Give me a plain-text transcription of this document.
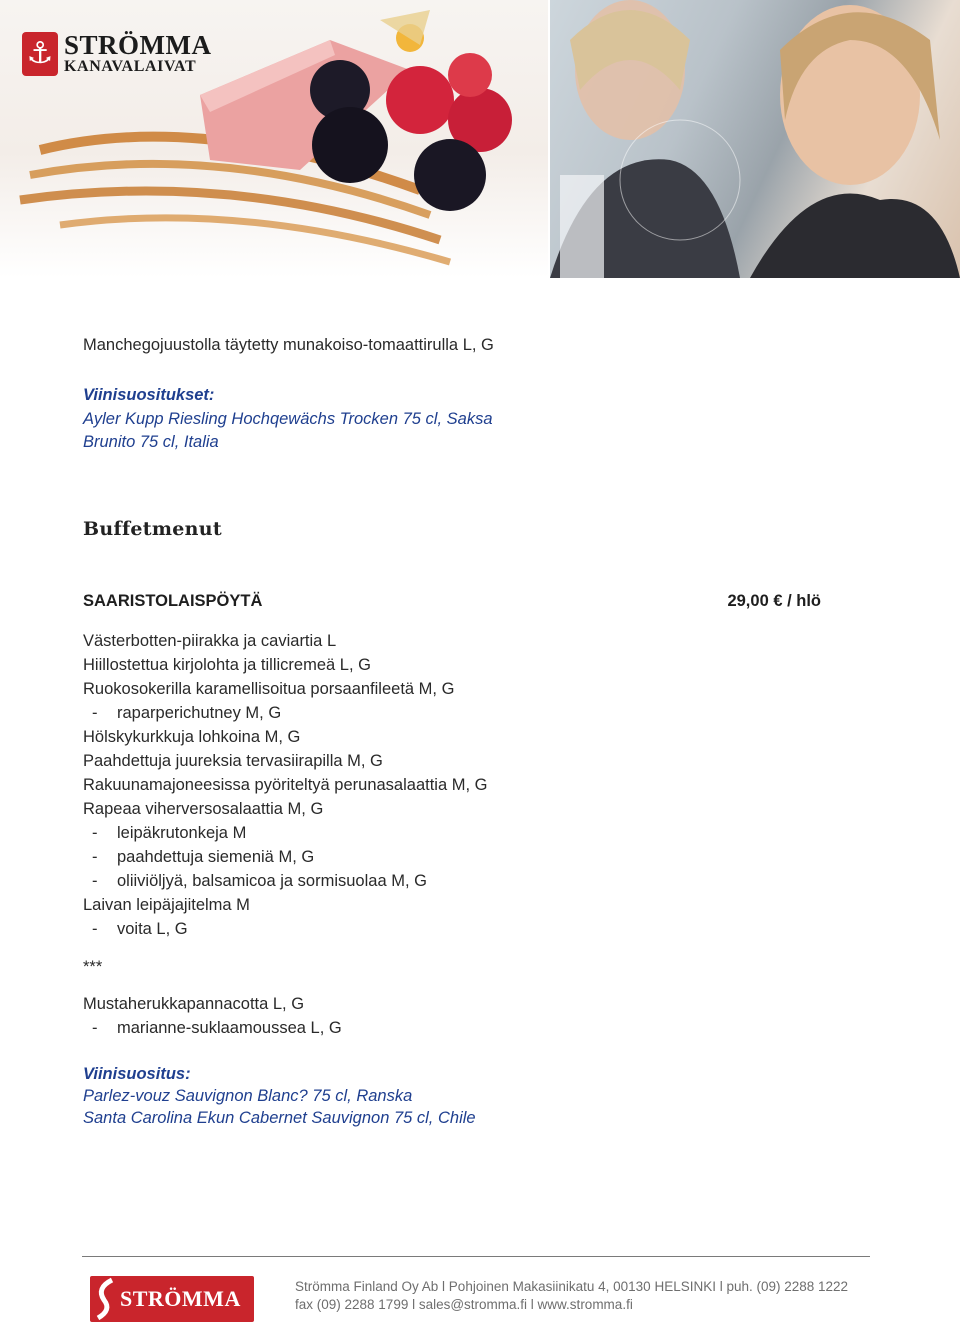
⚓ STRÖMMA
KANAVALAIVAT
Manchegojuustolla täytetty munakoiso-tomaattirulla L, G
Viinisuositukset:
Ayler Kupp Riesling Hochqewächs Trocken 75 cl, Saksa
Brunito 75 cl, Italia
Buffetmenut
SAARISTOLAISPÖYTÄ	29,00 € / hlö
Västerbotten-piirakka ja caviartia L
Hiillostettua kirjolohta ja tillicremeä L, G
Ruokosokerilla karamellisoitua porsaanfileetä M, G
- raparperichutney M, G
Hölskykurkkuja lohkoina M, G
Paahdettuja juureksia tervasiirapilla M, G
Rakuunamajoneesissa pyöriteltyä perunasalaattia M, G
Rapeaa viherversosalaattia M, G
- leipäkrutonkeja M
- paahdettuja siemeniä M, G
- oliiviöljyä, balsamicoa ja sormisuolaa M, G
Laivan leipäjajitelma M
- voita L, G
***
Mustaherukkapannacotta L, G
- marianne-suklaamoussea L, G
Viinisuositus:
Parlez-vouz Sauvignon Blanc? 75 cl, Ranska
Santa Carolina Ekun Cabernet Sauvignon 75 cl, Chile
STRÖMMA	Strömma Finland Oy Ab l Pohjoinen Makasiinikatu 4, 00130 HELSINKI l puh. (09) 2288 1222
fax (09) 2288 1799 l sales@stromma.fi l www.stromma.fi
